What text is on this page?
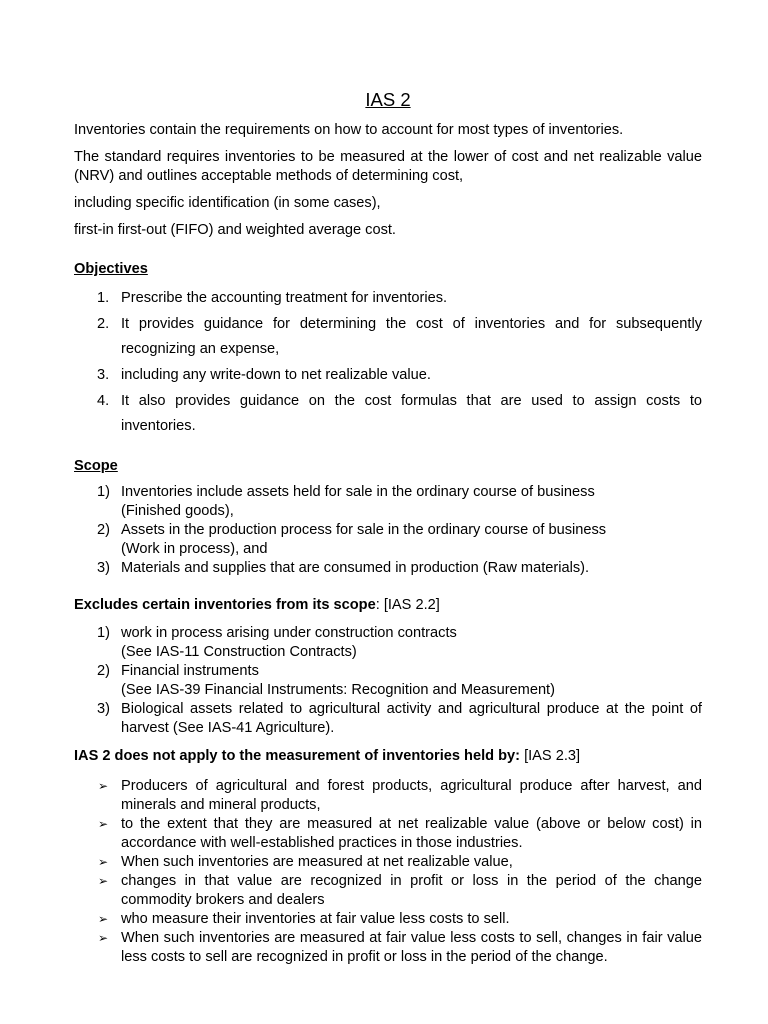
IAS 2

Inventories contain the requirements on how to account for most types of inventories.

The standard requires inventories to be measured at the lower of cost and net realizable value (NRV) and outlines acceptable methods of determining cost,

including specific identification (in some cases),

first-in first-out (FIFO) and weighted average cost.

Objectives
1. Prescribe the accounting treatment for inventories.
2. It provides guidance for determining the cost of inventories and for subsequently recognizing an expense,
3. including any write-down to net realizable value.
4. It also provides guidance on the cost formulas that are used to assign costs to inventories.
Scope
1) Inventories include assets held for sale in the ordinary course of business
(Finished goods),
2) Assets in the production process for sale in the ordinary course of business
(Work in process), and
3) Materials and supplies that are consumed in production (Raw materials).

Excludes certain inventories from its scope: [IAS 2.2]

1) work in process arising under construction contracts
(See IAS-11 Construction Contracts)
2) Financial instruments
(See IAS-39 Financial Instruments: Recognition and Measurement)
3) Biological assets related to agricultural activity and agricultural produce at the point of harvest (See IAS-41 Agriculture).

IAS 2 does not apply to the measurement of inventories held by: [IAS 2.3]

➢ Producers of agricultural and forest products, agricultural produce after harvest, and minerals and mineral products,
➢ to the extent that they are measured at net realizable value (above or below cost) in accordance with well-established practices in those industries.
➢ When such inventories are measured at net realizable value,
➢ changes in that value are recognized in profit or loss in the period of the change commodity brokers and dealers
➢ who measure their inventories at fair value less costs to sell.
➢ When such inventories are measured at fair value less costs to sell, changes in fair value less costs to sell are recognized in profit or loss in the period of the change.
